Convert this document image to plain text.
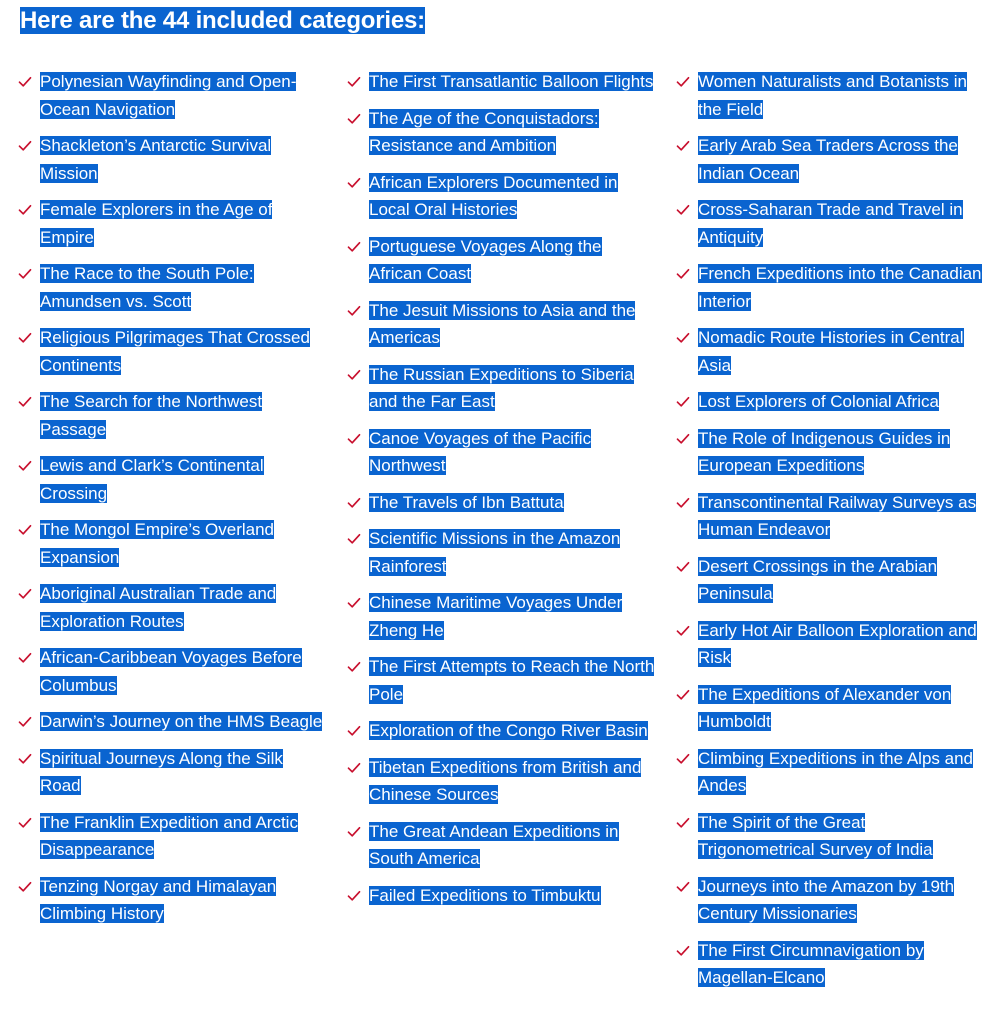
Here are the 44 included categories:
Polynesian Wayfinding and Open-Ocean Navigation
Shackleton’s Antarctic Survival Mission
Female Explorers in the Age of Empire
The Race to the South Pole: Amundsen vs. Scott
Religious Pilgrimages That Crossed Continents
The Search for the Northwest Passage
Lewis and Clark’s Continental Crossing
The Mongol Empire’s Overland Expansion
Aboriginal Australian Trade and Exploration Routes
African-Caribbean Voyages Before Columbus
Darwin’s Journey on the HMS Beagle
Spiritual Journeys Along the Silk Road
The Franklin Expedition and Arctic Disappearance
Tenzing Norgay and Himalayan Climbing History
The First Transatlantic Balloon Flights
The Age of the Conquistadors: Resistance and Ambition
African Explorers Documented in Local Oral Histories
Portuguese Voyages Along the African Coast
The Jesuit Missions to Asia and the Americas
The Russian Expeditions to Siberia and the Far East
Canoe Voyages of the Pacific Northwest
The Travels of Ibn Battuta
Scientific Missions in the Amazon Rainforest
Chinese Maritime Voyages Under Zheng He
The First Attempts to Reach the North Pole
Exploration of the Congo River Basin
Tibetan Expeditions from British and Chinese Sources
The Great Andean Expeditions in South America
Failed Expeditions to Timbuktu
Women Naturalists and Botanists in the Field
Early Arab Sea Traders Across the Indian Ocean
Cross-Saharan Trade and Travel in Antiquity
French Expeditions into the Canadian Interior
Nomadic Route Histories in Central Asia
Lost Explorers of Colonial Africa
The Role of Indigenous Guides in European Expeditions
Transcontinental Railway Surveys as Human Endeavor
Desert Crossings in the Arabian Peninsula
Early Hot Air Balloon Exploration and Risk
The Expeditions of Alexander von Humboldt
Climbing Expeditions in the Alps and Andes
The Spirit of the Great Trigonometrical Survey of India
Journeys into the Amazon by 19th Century Missionaries
The First Circumnavigation by Magellan-Elcano
